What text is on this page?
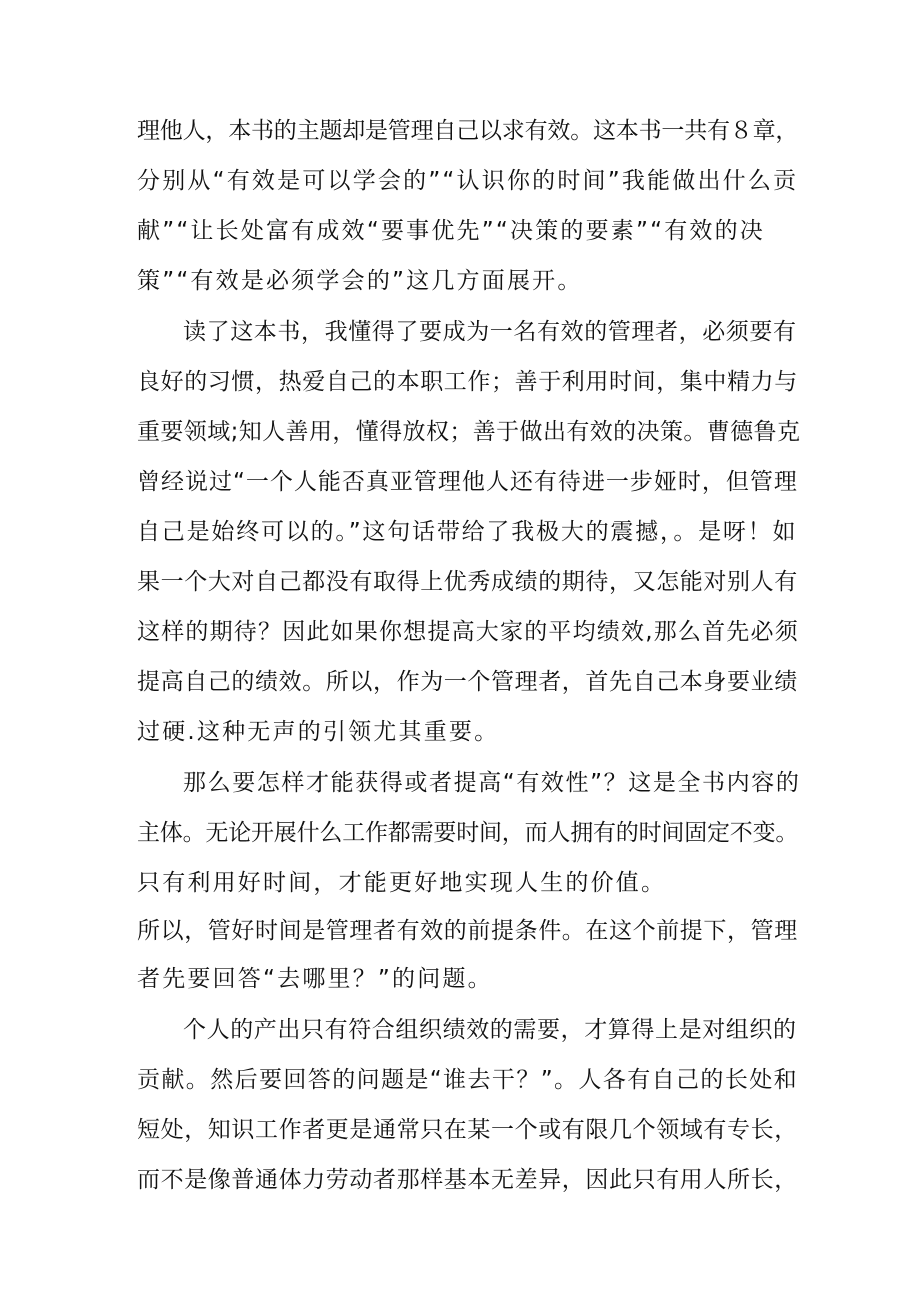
理他人，本书的主题却是管理自己以求有效。这本书一共有８章，
分别从“有效是可以学会的”“认识你的时间”我能做出什么贡
献”“让长处富有成效“要事优先”“决策的要素”“有效的决
策”“有效是必须学会的”这几方面展开。
读了这本书，我懂得了要成为一名有效的管理者，必须要有
良好的习惯，热爱自己的本职工作；善于利用时间，集中精力与
重要领域;知人善用，懂得放权；善于做出有效的决策。曹德鲁克
曾经说过“一个人能否真亚管理他人还有待进一步娅时，但管理
自己是始终可以的。”这句话带给了我极大的震撼，。是呀！如
果一个大对自己都没有取得上优秀成绩的期待，又怎能对别人有
这样的期待？因此如果你想提高大家的平均绩效,那么首先必须
提高自己的绩效。所以，作为一个管理者，首先自己本身要业绩
过硬.这种无声的引领尤其重要。
那么要怎样才能获得或者提高“有效性”？这是全书内容的
主体。无论开展什么工作都需要时间，而人拥有的时间固定不变。
只有利用好时间，才能更好地实现人生的价值。
所以，管好时间是管理者有效的前提条件。在这个前提下，管理
者先要回答“去哪里？”的问题。
个人的产出只有符合组织绩效的需要，才算得上是对组织的
贡献。然后要回答的问题是“谁去干？”。人各有自己的长处和
短处，知识工作者更是通常只在某一个或有限几个领域有专长，
而不是像普通体力劳动者那样基本无差异，因此只有用人所长，
